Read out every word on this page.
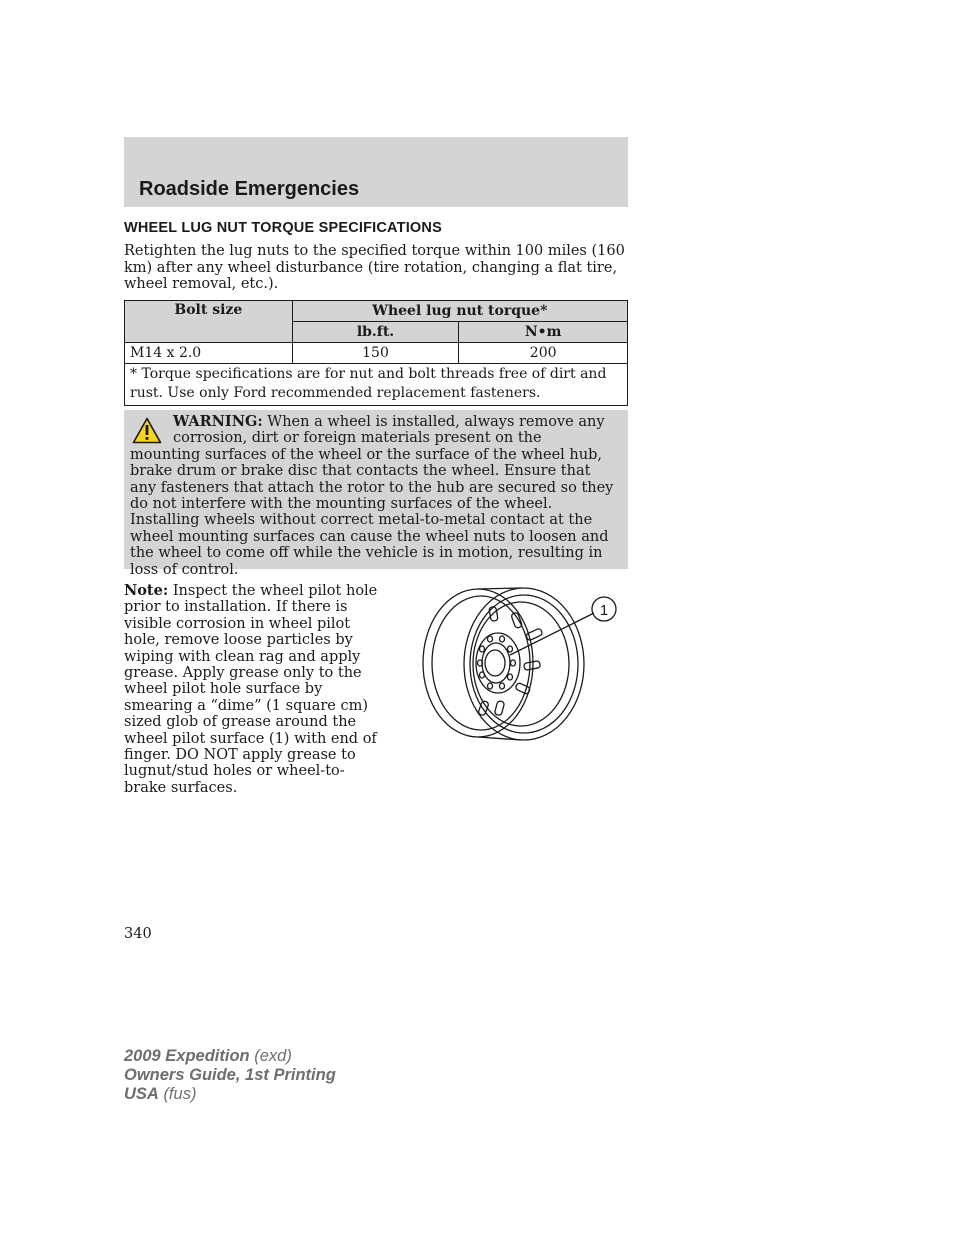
Roadside Emergencies
WHEEL LUG NUT TORQUE SPECIFICATIONS
Retighten the lug nuts to the specified torque within 100 miles (160 km) after any wheel disturbance (tire rotation, changing a flat tire, wheel removal, etc.).
Bolt size	Wheel lug nut torque*	
	lb.ft.	N•m
M14 x 2.0	150	200
* Torque specifications are for nut and bolt threads free of dirt and rust. Use only Ford recommended replacement fasteners.		
WARNING: When a wheel is installed, always remove any corrosion, dirt or foreign materials present on the mounting surfaces of the wheel or the surface of the wheel hub, brake drum or brake disc that contacts the wheel. Ensure that any fasteners that attach the rotor to the hub are secured so they do not interfere with the mounting surfaces of the wheel. Installing wheels without correct metal-to-metal contact at the wheel mounting surfaces can cause the wheel nuts to loosen and the wheel to come off while the vehicle is in motion, resulting in loss of control.
Note: Inspect the wheel pilot hole prior to installation. If there is visible corrosion in wheel pilot hole, remove loose particles by wiping with clean rag and apply grease. Apply grease only to the wheel pilot hole surface by smearing a “dime” (1 square cm) sized glob of grease around the wheel pilot surface (1) with end of finger. DO NOT apply grease to lugnut/stud holes or wheel-to-brake surfaces.
1
340
2009 Expedition (exd)
Owners Guide, 1st Printing
USA (fus)
